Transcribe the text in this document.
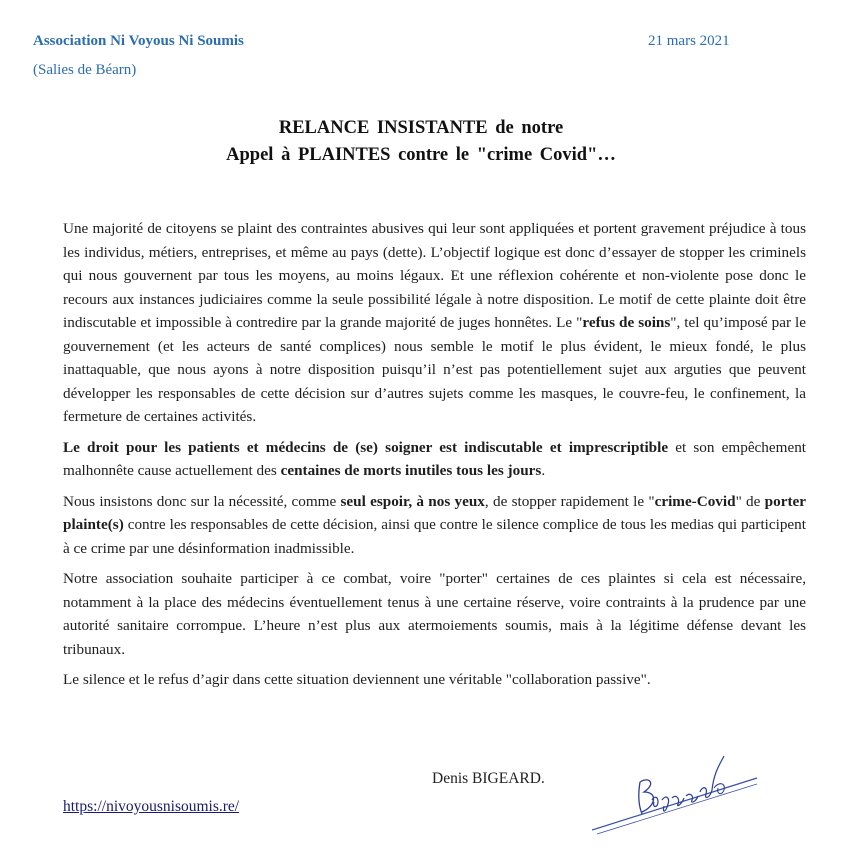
Association Ni Voyous Ni Soumis
(Salies de Béarn)
21 mars 2021
RELANCE INSISTANTE de notre
Appel à PLAINTES contre le "crime Covid"…

Une majorité de citoyens se plaint des contraintes abusives qui leur sont appliquées et portent gravement préjudice à tous les individus, métiers, entreprises, et même au pays (dette). L’objectif logique est donc d’essayer de stopper les criminels qui nous gouvernent par tous les moyens, au moins légaux. Et une réflexion cohérente et non-violente pose donc le recours aux instances judiciaires comme la seule possibilité légale à notre disposition. Le motif de cette plainte doit être indiscutable et impossible à contredire par la grande majorité de juges honnêtes. Le "refus de soins", tel qu’imposé par le gouvernement (et les acteurs de santé complices) nous semble le motif le plus évident, le mieux fondé, le plus inattaquable, que nous ayons à notre disposition puisqu’il n’est pas potentiellement sujet aux arguties que peuvent développer les responsables de cette décision sur d’autres sujets comme les masques, le couvre-feu, le confinement, la fermeture de certaines activités.

Le droit pour les patients et médecins de (se) soigner est indiscutable et imprescriptible et son empêchement malhonnête cause actuellement des centaines de morts inutiles tous les jours.

Nous insistons donc sur la nécessité, comme seul espoir, à nos yeux, de stopper rapidement le "crime-Covid" de porter plainte(s) contre les responsables de cette décision, ainsi que contre le silence complice de tous les medias qui participent à ce crime par une désinformation inadmissible.

Notre association souhaite participer à ce combat, voire "porter" certaines de ces plaintes si cela est nécessaire, notamment à la place des médecins éventuellement tenus à une certaine réserve, voire contraints à la prudence par une autorité sanitaire corrompue. L’heure n’est plus aux atermoiements soumis, mais à la légitime défense devant les tribunaux.

Le silence et le refus d’agir dans cette situation deviennent une véritable "collaboration passive".

Denis BIGEARD.
https://nivoyousnisoumis.re/
